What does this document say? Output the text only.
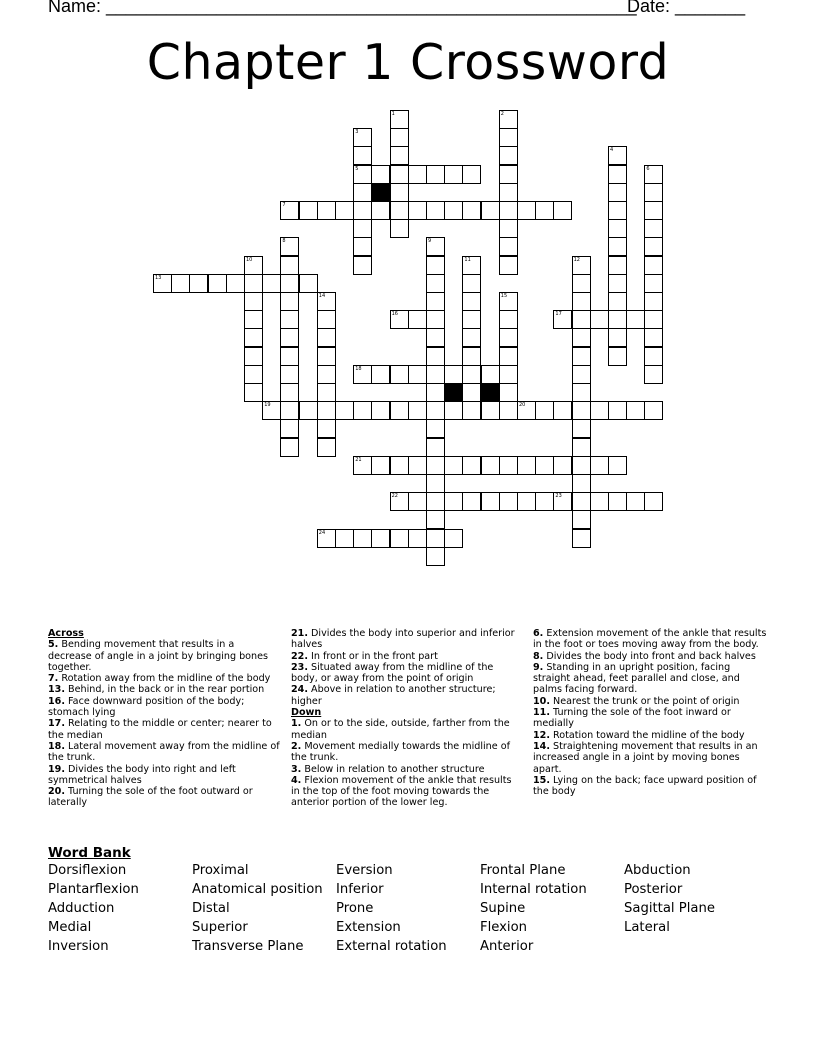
Name: _____________________________________________________
Date: _______
Chapter 1 Crossword
1	2
3
5
4
6
7
8	9
10	11	12
13
14	15
16	17
18
19	20
21
22	23
24
Across
5. Bending movement that results in a decrease of angle in a joint by bringing bones together.
7. Rotation away from the midline of the body
13. Behind, in the back or in the rear portion
16. Face downward position of the body; stomach lying
17. Relating to the middle or center; nearer to the median
18. Lateral movement away from the midline of the trunk.
19. Divides the body into right and left symmetrical halves
20. Turning the sole of the foot outward or laterally
21. Divides the body into superior and inferior halves
22. In front or in the front part
23. Situated away from the midline of the body, or away from the point of origin
24. Above in relation to another structure; higher
Down
1. On or to the side, outside, farther from the median
2. Movement medially towards the midline of the trunk.
3. Below in relation to another structure
4. Flexion movement of the ankle that results in the top of the foot moving towards the anterior portion of the lower leg.
6. Extension movement of the ankle that results in the foot or toes moving away from the body.
8. Divides the body into front and back halves
9. Standing in an upright position, facing straight ahead, feet parallel and close, and palms facing forward.
10. Nearest the trunk or the point of origin
11. Turning the sole of the foot inward or medially
12. Rotation toward the midline of the body
14. Straightening movement that results in an increased angle in a joint by moving bones apart.
15. Lying on the back; face upward position of the body
Word Bank
Dorsiflexion
Plantarflexion
Adduction
Medial
Inversion
Proximal
Anatomical position
Distal
Superior
Transverse Plane
Eversion
Inferior
Prone
Extension
External rotation
Frontal Plane
Internal rotation
Supine
Flexion
Anterior
Abduction
Posterior
Sagittal Plane
Lateral
